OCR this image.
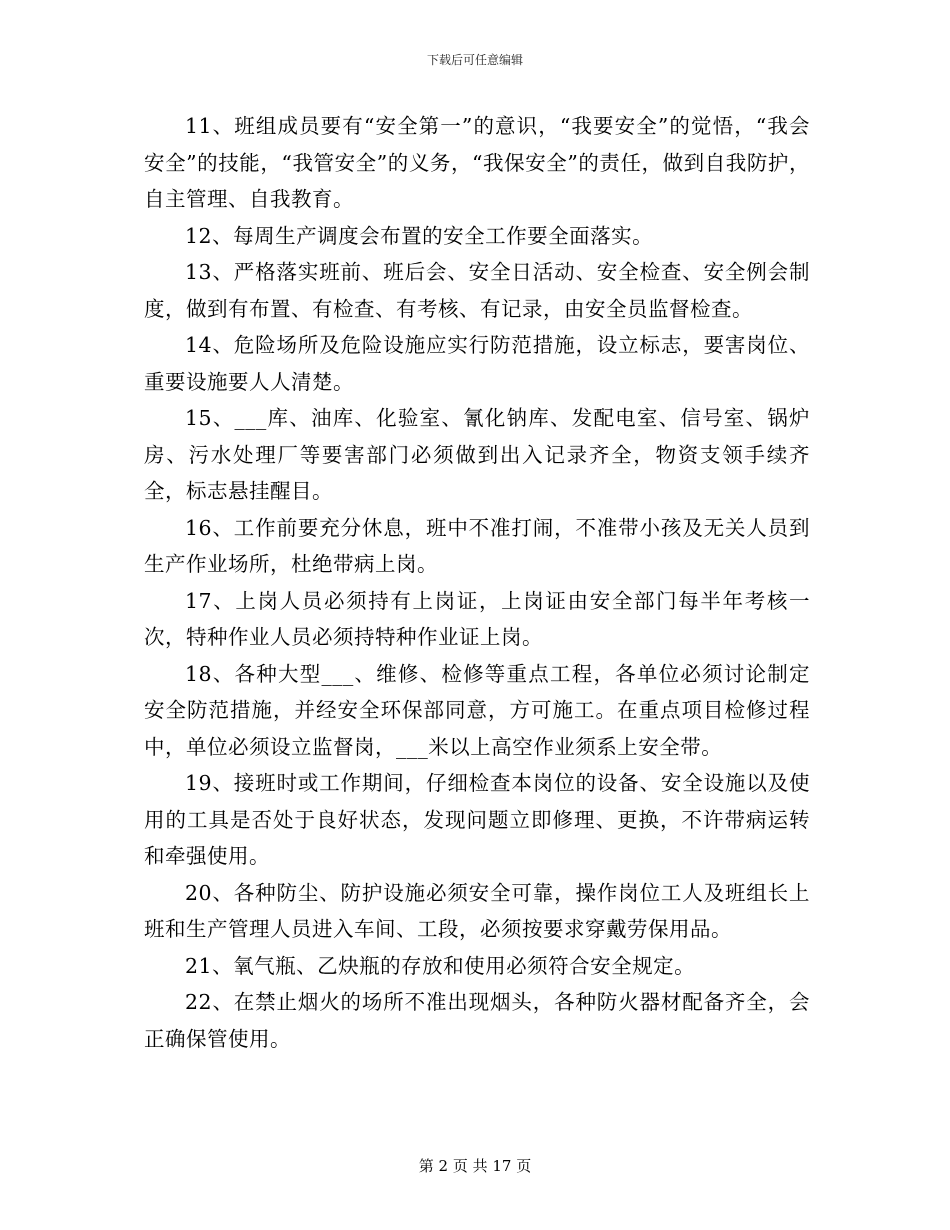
下载后可任意编辑

11、班组成员要有“安全第一”的意识，“我要安全”的觉悟，“我会安全”的技能，“我管安全”的义务，“我保安全”的责任，做到自我防护，自主管理、自我教育。

12、每周生产调度会布置的安全工作要全面落实。

13、严格落实班前、班后会、安全日活动、安全检查、安全例会制度，做到有布置、有检查、有考核、有记录，由安全员监督检查。

14、危险场所及危险设施应实行防范措施，设立标志，要害岗位、重要设施要人人清楚。

15、___库、油库、化验室、氰化钠库、发配电室、信号室、锅炉房、污水处理厂等要害部门必须做到出入记录齐全，物资支领手续齐全，标志悬挂醒目。

16、工作前要充分休息，班中不准打闹，不准带小孩及无关人员到生产作业场所，杜绝带病上岗。

17、上岗人员必须持有上岗证，上岗证由安全部门每半年考核一次，特种作业人员必须持特种作业证上岗。

18、各种大型___、维修、检修等重点工程，各单位必须讨论制定安全防范措施，并经安全环保部同意，方可施工。在重点项目检修过程中，单位必须设立监督岗，___米以上高空作业须系上安全带。

19、接班时或工作期间，仔细检查本岗位的设备、安全设施以及使用的工具是否处于良好状态，发现问题立即修理、更换，不许带病运转和牵强使用。

20、各种防尘、防护设施必须安全可靠，操作岗位工人及班组长上班和生产管理人员进入车间、工段，必须按要求穿戴劳保用品。

21、氧气瓶、乙炔瓶的存放和使用必须符合安全规定。

22、在禁止烟火的场所不准出现烟头，各种防火器材配备齐全，会正确保管使用。

第 2 页 共 17 页
